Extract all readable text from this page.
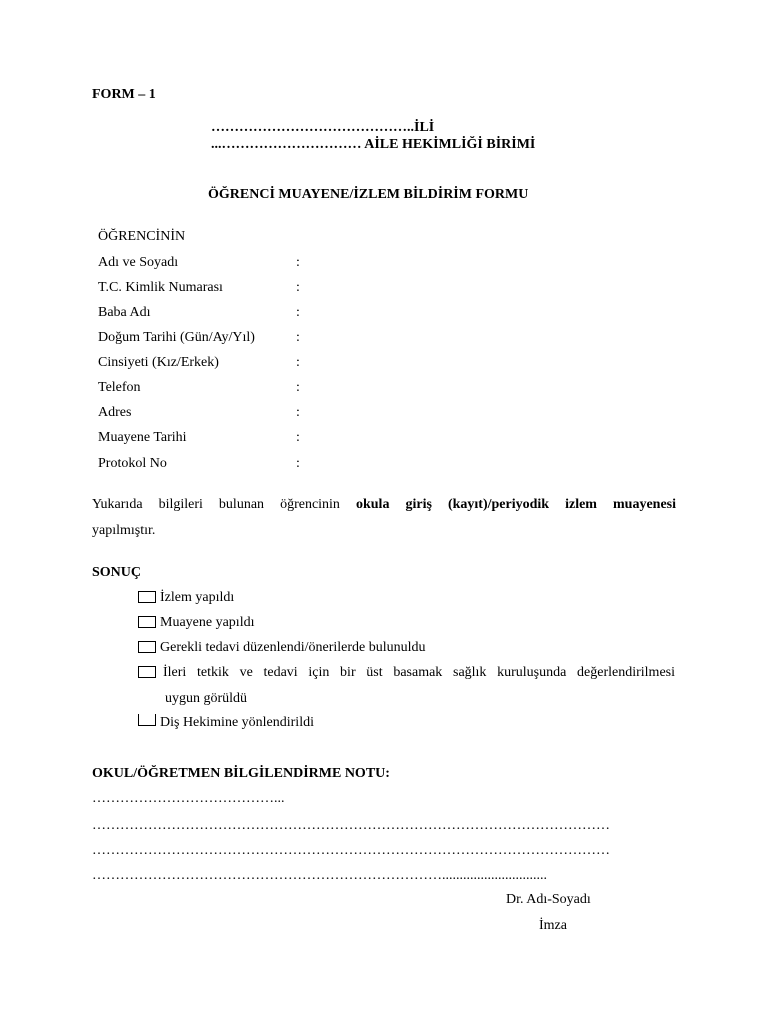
FORM – 1
……………………………………..İLİ
...………………………… AİLE HEKİMLİĞİ BİRİMİ
ÖĞRENCİ MUAYENE/İZLEM BİLDİRİM FORMU
ÖĞRENCİNİN
Adı ve Soyadı	:
T.C. Kimlik Numarası	:
Baba Adı	:
Doğum Tarihi (Gün/Ay/Yıl)	:
Cinsiyeti (Kız/Erkek)	:
Telefon	:
Adres	:
Muayene Tarihi	:
Protokol No	:
Yukarıda bilgileri bulunan öğrencinin okula giriş (kayıt)/periyodik izlem muayenesi
yapılmıştır.
SONUÇ
İzlem yapıldı
Muayene yapıldı
Gerekli tedavi düzenlendi/önerilerde bulunuldu
İleri tetkik ve tedavi için bir üst basamak sağlık kuruluşunda değerlendirilmesi
uygun görüldü
Diş Hekimine yönlendirildi
OKUL/ÖĞRETMEN BİLGİLENDİRME NOTU:
…………………………………...
…………………………………………………………………………………………………
…………………………………………………………………………………………………
…………………………………………………………………..............................
Dr. Adı-Soyadı
İmza
